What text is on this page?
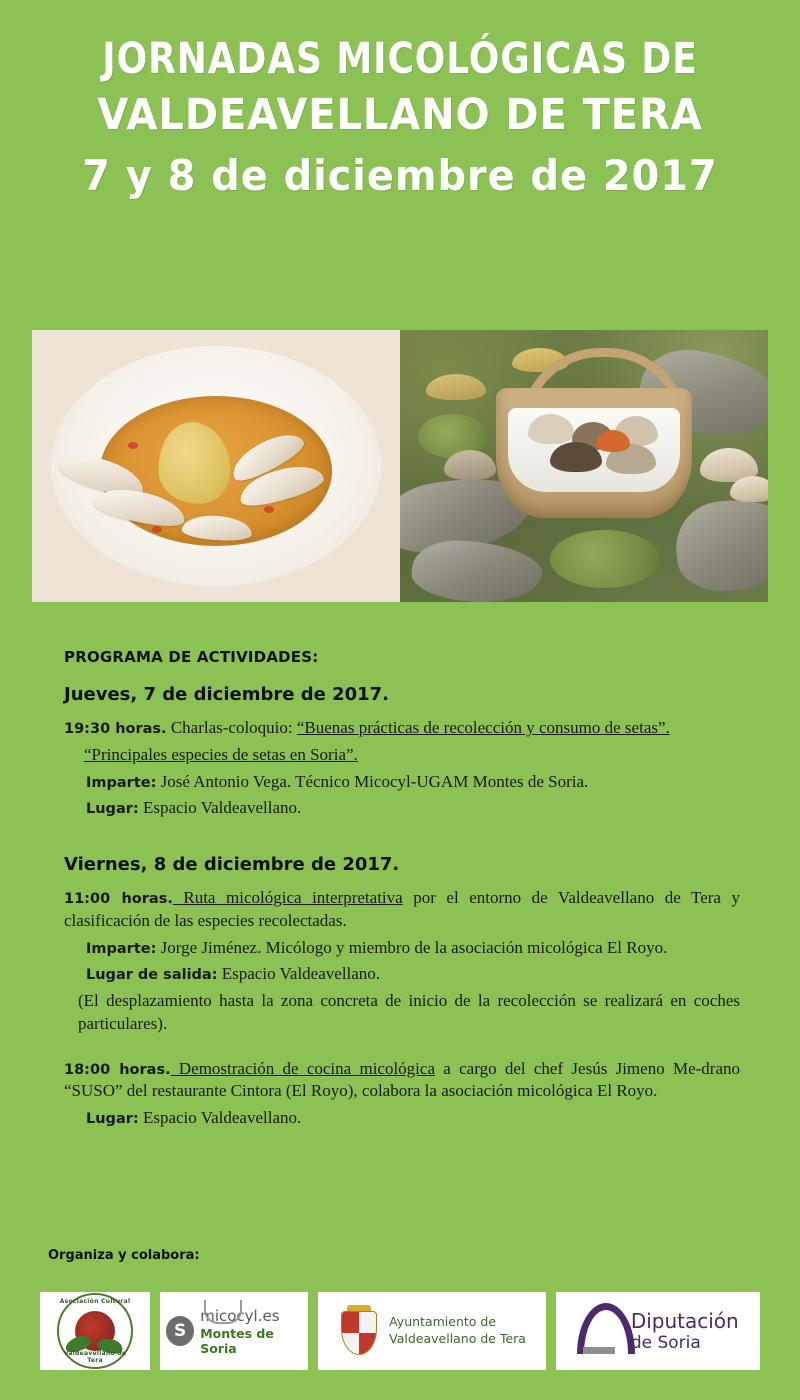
JORNADAS MICOLÓGICAS DE
VALDEAVELLANO DE TERA
7 y 8 de diciembre de 2017
PROGRAMA DE ACTIVIDADES:
Jueves, 7 de diciembre de 2017.

19:30 horas. Charlas-coloquio: “Buenas prácticas de recolección y consumo de setas”.

“Principales especies de setas en Soria”.

Imparte: José Antonio Vega. Técnico Micocyl-UGAM Montes de Soria.

Lugar: Espacio Valdeavellano.

Viernes, 8 de diciembre de 2017.

11:00 horas. Ruta micológica interpretativa por el entorno de Valdeavellano de Tera y clasificación de las especies recolectadas.

Imparte: Jorge Jiménez. Micólogo y miembro de la asociación micológica El Royo.

Lugar de salida: Espacio Valdeavellano.

(El desplazamiento hasta la zona concreta de inicio de la recolección se realizará en coches particulares).

18:00 horas. Demostración de cocina micológica a cargo del chef Jesús Jimeno Me-drano “SUSO” del restaurante Cintora (El Royo), colabora la asociación micológica El Royo.

Lugar: Espacio Valdeavellano.

Organiza y colabora:
Asociación Cultural
Valdeavellano de Tera
S
micocyl.es
Montes de Soria
Ayuntamiento de
Valdeavellano de Tera
Diputación
de Soria
